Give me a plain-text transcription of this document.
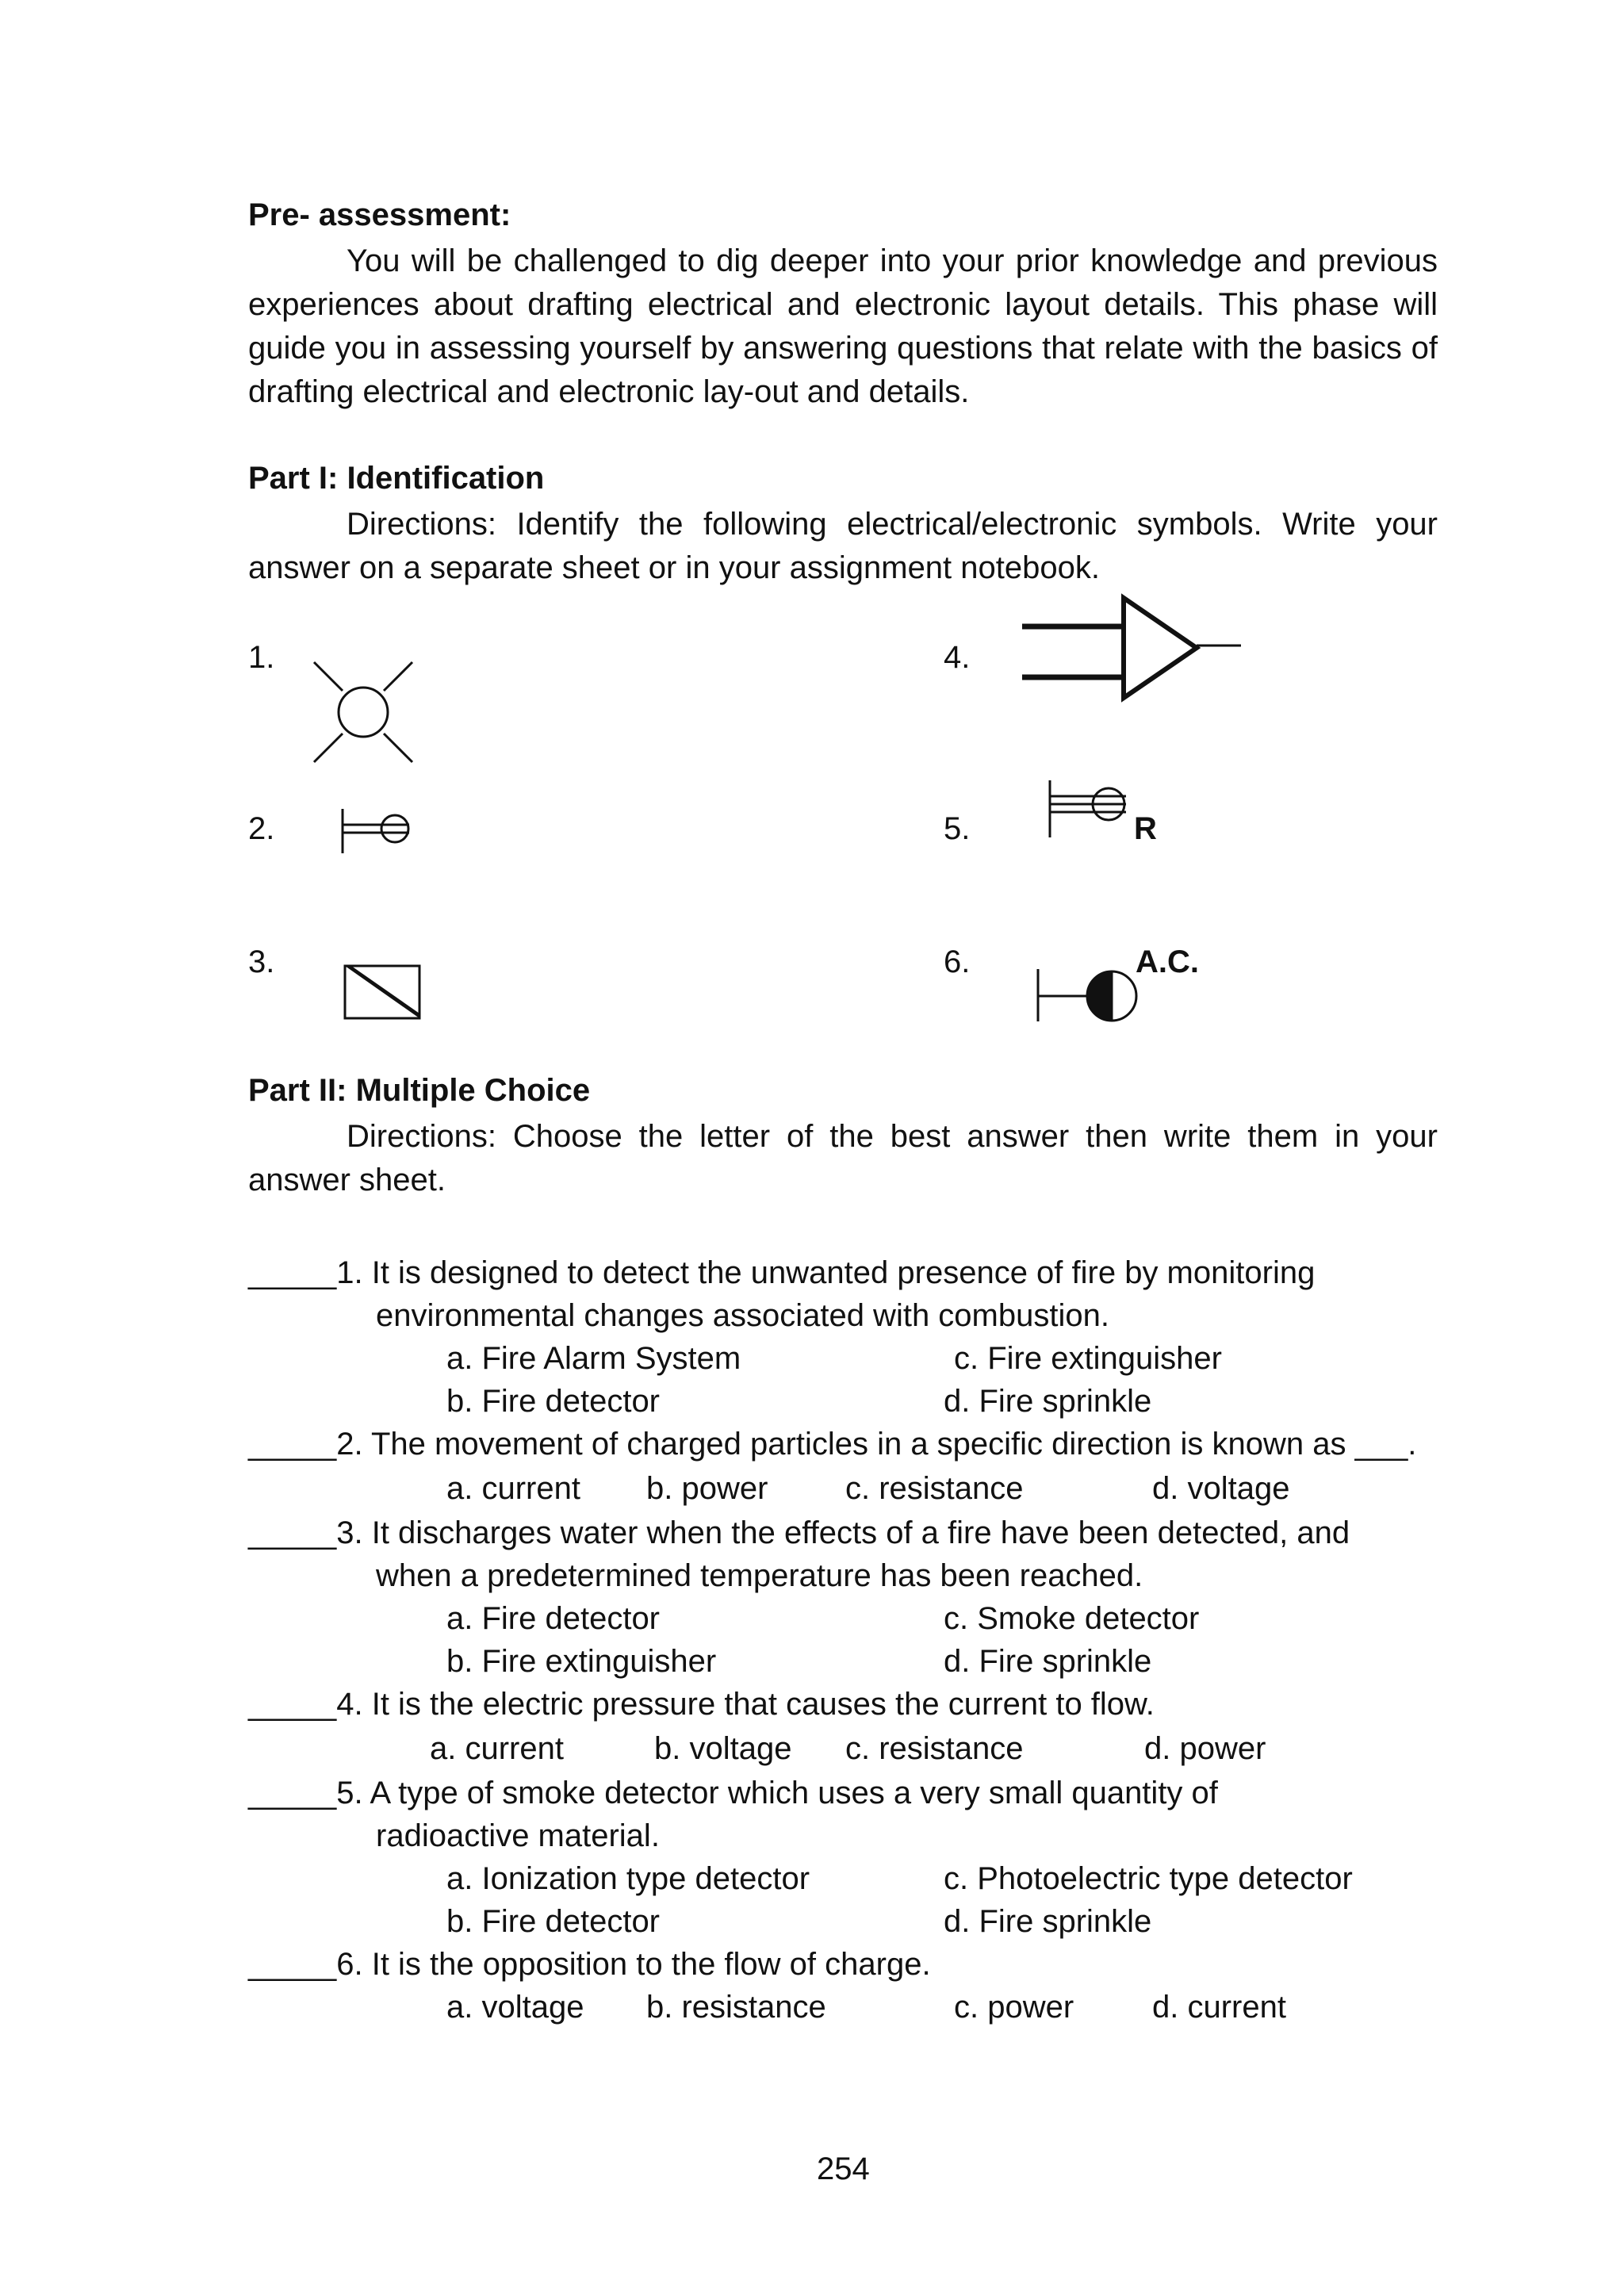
Pre- assessment:
You will be challenged to dig deeper into your prior knowledge and previous experiences about drafting electrical and electronic layout details. This phase will guide you in assessing yourself by answering questions that relate with the basics of drafting electrical and electronic lay-out and details.
Part I: Identification
Directions: Identify the following electrical/electronic symbols. Write your answer on a separate sheet or in your assignment notebook.
1.
2.
3.
4.
5.
6.
R
A.C.
Part II: Multiple Choice
Directions: Choose the letter of the best answer then write them in your answer sheet.
_____1. It is designed to detect the unwanted presence of fire by monitoring
environmental changes associated with combustion.
a. Fire Alarm System	c. Fire extinguisher
b. Fire detector	d. Fire sprinkle
_____2. The movement of charged particles in a specific direction is known as ___.
a. current b. power c. resistance	d. voltage
_____3. It discharges water when the effects of a fire have been detected, and
when a predetermined temperature has been reached.
a. Fire detector	c. Smoke detector
b. Fire extinguisher	d. Fire sprinkle
_____4. It is the electric pressure that causes the current to flow.
a. current	b. voltage c. resistance	d. power
_____5. A type of smoke detector which uses a very small quantity of
radioactive material.
a. Ionization type detector	c. Photoelectric type detector
b. Fire detector	d. Fire sprinkle
_____6. It is the opposition to the flow of charge.
a. voltage b. resistance	c. power d. current
254
